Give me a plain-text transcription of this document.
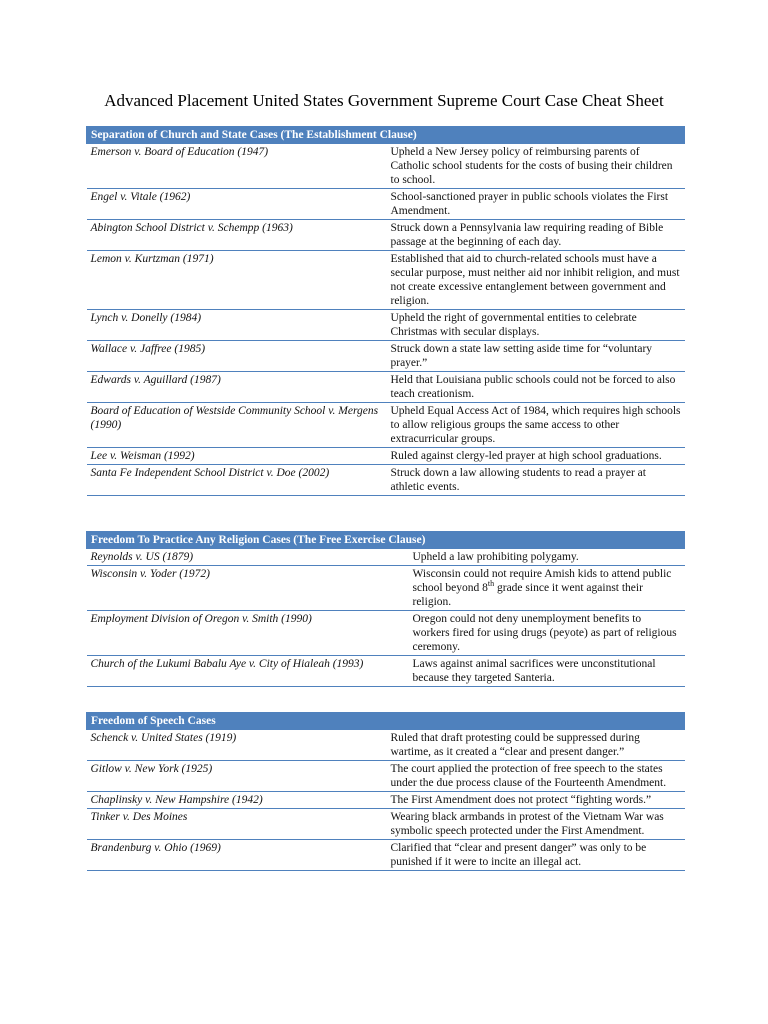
Advanced Placement United States Government Supreme Court Case Cheat Sheet
Separation of Church and State Cases (The Establishment Clause)	
Emerson v. Board of Education (1947)	Upheld a New Jersey policy of reimbursing parents of Catholic school students for the costs of busing their children to school.
Engel v. Vitale (1962)	School-sanctioned prayer in public schools violates the First Amendment.
Abington School District v. Schempp (1963)	Struck down a Pennsylvania law requiring reading of Bible passage at the beginning of each day.
Lemon v. Kurtzman (1971)	Established that aid to church-related schools must have a secular purpose, must neither aid nor inhibit religion, and must not create excessive entanglement between government and religion.
Lynch v. Donelly (1984)	Upheld the right of governmental entities to celebrate Christmas with secular displays.
Wallace v. Jaffree (1985)	Struck down a state law setting aside time for “voluntary prayer.”
Edwards v. Aguillard (1987)	Held that Louisiana public schools could not be forced to also teach creationism.
Board of Education of Westside Community School v. Mergens (1990)	Upheld Equal Access Act of 1984, which requires high schools to allow religious groups the same access to other extracurricular groups.
Lee v. Weisman (1992)	Ruled against clergy-led prayer at high school graduations.
Santa Fe Independent School District v. Doe (2002)	Struck down a law allowing students to read a prayer at athletic events.
Freedom To Practice Any Religion Cases (The Free Exercise Clause)	
Reynolds v. US (1879)	Upheld a law prohibiting polygamy.
Wisconsin v. Yoder (1972)	Wisconsin could not require Amish kids to attend public school beyond 8th grade since it went against their religion.
Employment Division of Oregon v. Smith (1990)	Oregon could not deny unemployment benefits to workers fired for using drugs (peyote) as part of religious ceremony.
Church of the Lukumi Babalu Aye v. City of Hialeah (1993)	Laws against animal sacrifices were unconstitutional because they targeted Santeria.
Freedom of Speech Cases	
Schenck v. United States (1919)	Ruled that draft protesting could be suppressed during wartime, as it created a “clear and present danger.”
Gitlow v. New York (1925)	The court applied the protection of free speech to the states under the due process clause of the Fourteenth Amendment.
Chaplinsky v. New Hampshire (1942)	The First Amendment does not protect “fighting words.”
Tinker v. Des Moines	Wearing black armbands in protest of the Vietnam War was symbolic speech protected under the First Amendment.
Brandenburg v. Ohio (1969)	Clarified that “clear and present danger” was only to be punished if it were to incite an illegal act.
